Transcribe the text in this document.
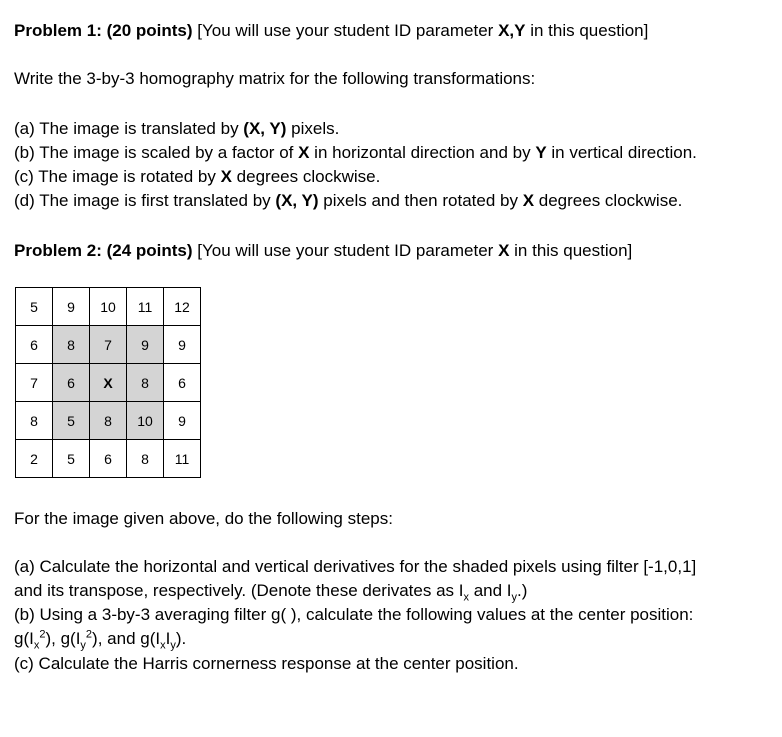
Problem 1: (20 points) [You will use your student ID parameter X,Y in this question]
Write the 3-by-3 homography matrix for the following transformations:
(a) The image is translated by (X, Y) pixels.
(b) The image is scaled by a factor of X in horizontal direction and by Y in vertical direction.
(c) The image is rotated by X degrees clockwise.
(d) The image is first translated by (X, Y) pixels and then rotated by X degrees clockwise.
Problem 2: (24 points) [You will use your student ID parameter X in this question]
5	9	10	11	12
6	8	7	9	9
7	6	X	8	6
8	5	8	10	9
2	5	6	8	11
For the image given above, do the following steps:
(a) Calculate the horizontal and vertical derivatives for the shaded pixels using filter [-1,0,1]
and its transpose, respectively. (Denote these derivates as $I_x$ and $I_y$.)
(b) Using a 3-by-3 averaging filter g( ), calculate the following values at the center position:
$g(I_x^2)$, $g(I_y^2)$, and $g(I_xI_y)$.
(c) Calculate the Harris cornerness response at the center position.
